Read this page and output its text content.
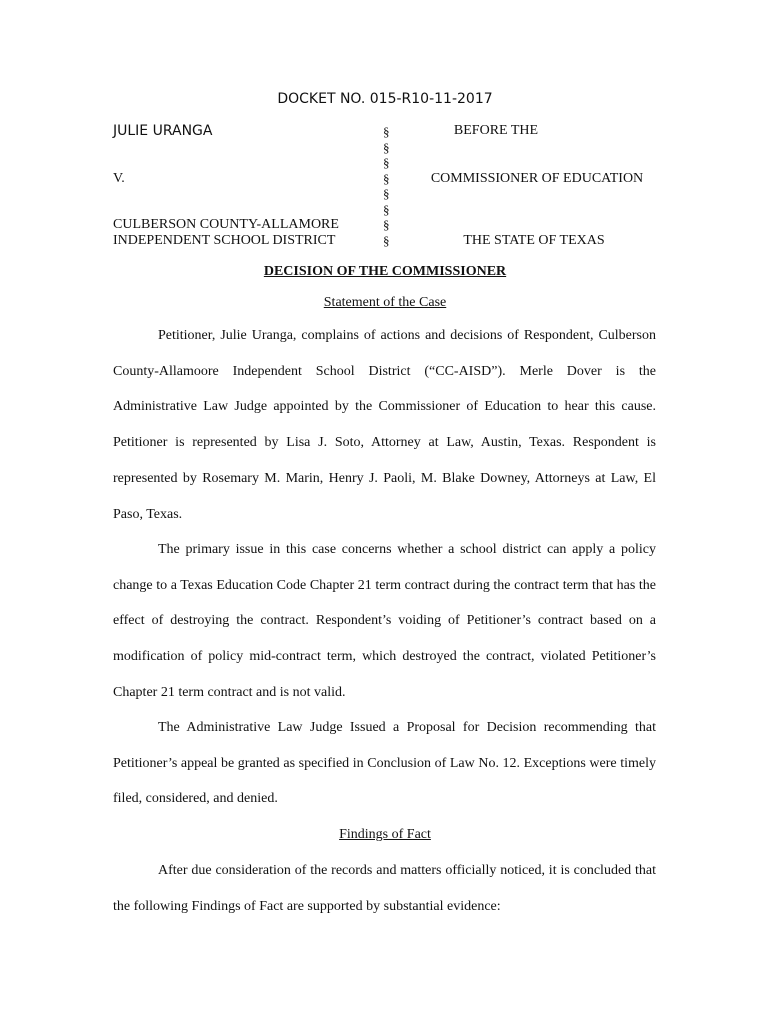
DOCKET NO. 015-R10-11-2017
JULIE URANGA
V.
CULBERSON COUNTY-ALLAMORE
INDEPENDENT SCHOOL DISTRICT
§
§
§
§
§
§
§
§
BEFORE THE
COMMISSIONER OF EDUCATION
THE STATE OF TEXAS
DECISION OF THE COMMISSIONER
Statement of the Case
Petitioner, Julie Uranga, complains of actions and decisions of Respondent, Culberson County-Allamoore Independent School District (“CC-AISD”). Merle Dover is the Administrative Law Judge appointed by the Commissioner of Education to hear this cause. Petitioner is represented by Lisa J. Soto, Attorney at Law, Austin, Texas. Respondent is represented by Rosemary M. Marin, Henry J. Paoli, M. Blake Downey, Attorneys at Law, El Paso, Texas.
The primary issue in this case concerns whether a school district can apply a policy change to a Texas Education Code Chapter 21 term contract during the contract term that has the effect of destroying the contract. Respondent’s voiding of Petitioner’s contract based on a modification of policy mid-contract term, which destroyed the contract, violated Petitioner’s Chapter 21 term contract and is not valid.
The Administrative Law Judge Issued a Proposal for Decision recommending that Petitioner’s appeal be granted as specified in Conclusion of Law No. 12. Exceptions were timely filed, considered, and denied.
Findings of Fact
After due consideration of the records and matters officially noticed, it is concluded that the following Findings of Fact are supported by substantial evidence:
